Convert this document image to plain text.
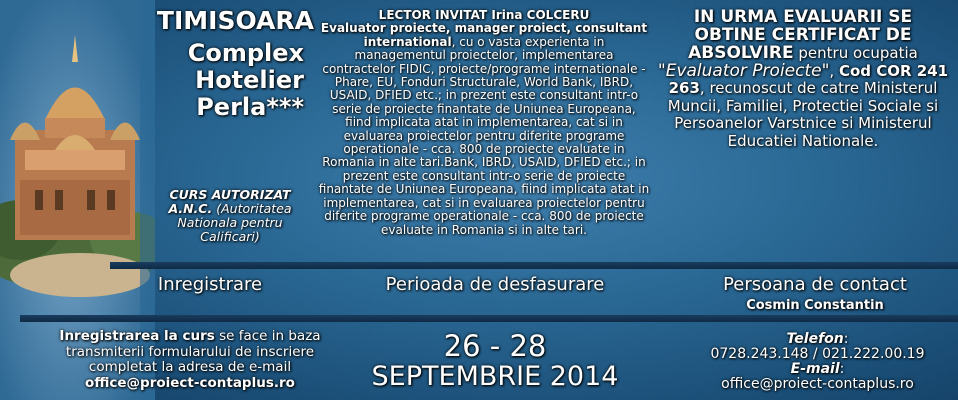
TIMISOARA
Complex
Hotelier
Perla***
CURS AUTORIZAT
A.N.C. (Autoritatea Nationala pentru Calificari)
LECTOR INVITAT Irina COLCERU
Evaluator proiecte, manager proiect, consultant international, cu o vasta experienta in managementul proiectelor, implementarea contractelor FIDIC, proiecte/programe internationale - Phare, EU, Fonduri Structurale, World Bank, IBRD, USAID, DFIED etc.; in prezent este consultant intr-o serie de proiecte finantate de Uniunea Europeana, fiind implicata atat in implementarea, cat si in evaluarea proiectelor pentru diferite programe operationale - cca. 800 de proiecte evaluate in Romania in alte tari.Bank, IBRD, USAID, DFIED etc.; in prezent este consultant intr-o serie de proiecte finantate de Uniunea Europeana, fiind implicata atat in implementarea, cat si in evaluarea proiectelor pentru diferite programe operationale - cca. 800 de proiecte evaluate in Romania si in alte tari.
IN URMA EVALUARII SE
OBTINE CERTIFICAT DE
ABSOLVIRE pentru ocupatia
"Evaluator Proiecte", Cod COR 241 263, recunoscut de catre Ministerul Muncii, Familiei, Protectiei Sociale si Persoanelor Varstnice si Ministerul Educatiei Nationale.
Inregistrare	Perioada de desfasurare	Persoana de contact
Cosmin Constantin
Inregistrarea la curs se face in baza transmiterii formularului de inscriere completat la adresa de e-mail
office@proiect-contaplus.ro
26 - 28
SEPTEMBRIE 2014
Telefon:
0728.243.148 / 021.222.00.19
E-mail:
office@proiect-contaplus.ro
